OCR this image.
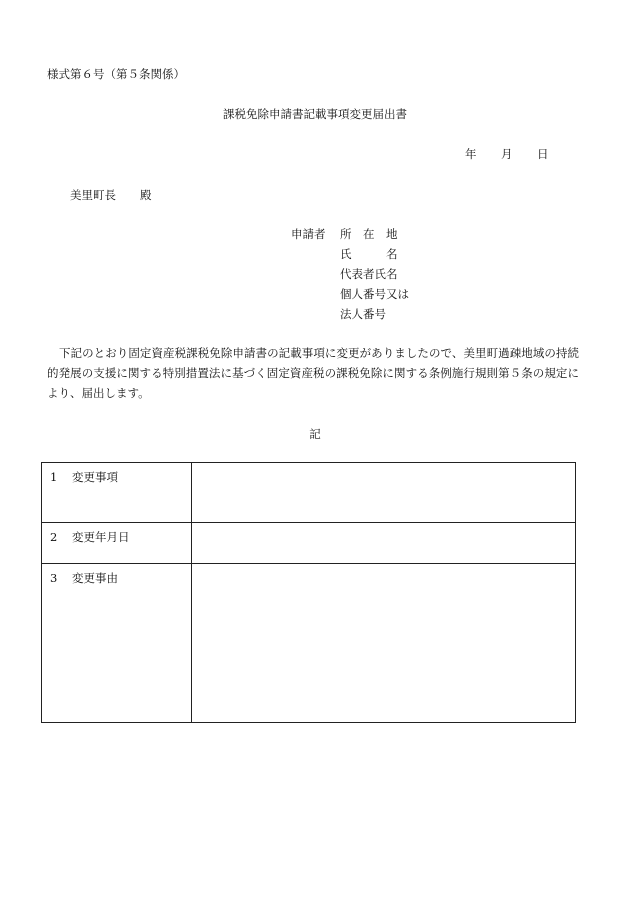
様式第６号（第５条関係）
課税免除申請書記載事項変更届出書
年 月 日
美里町長 殿
申請者 所　在　地
氏　　　名
代表者氏名
個人番号又は
法人番号
下記のとおり固定資産税課税免除申請書の記載事項に変更がありましたので、美里町過疎地域の持続的発展の支援に関する特別措置法に基づく固定資産税の課税免除に関する条例施行規則第５条の規定により、届出します。
記
1 変更事項	
2 変更年月日	
3 変更事由	
